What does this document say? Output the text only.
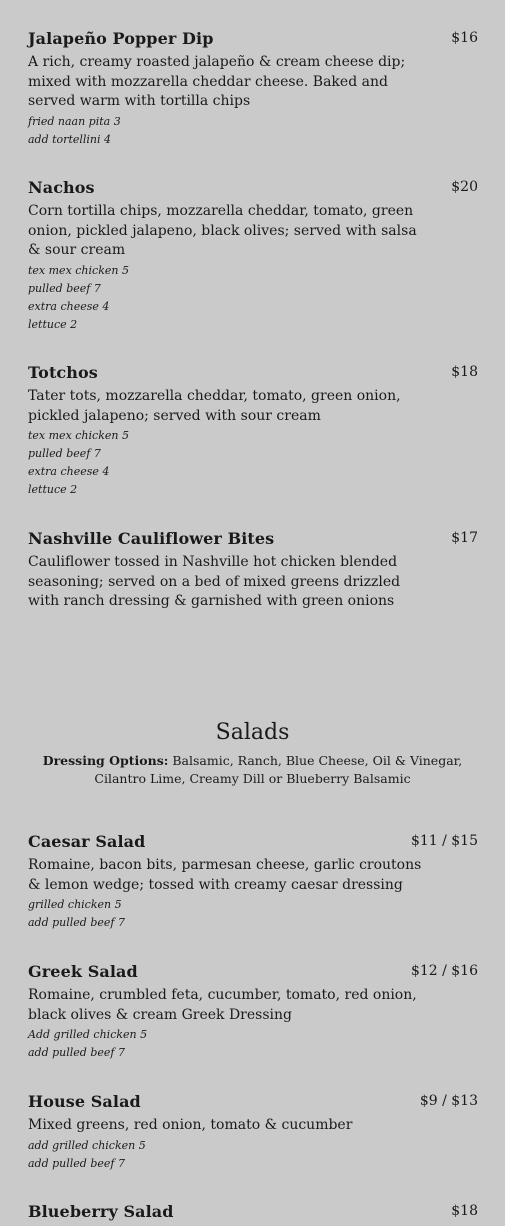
Jalapeño Popper Dip	$16
A rich, creamy roasted jalapeño & cream cheese dip; mixed with mozzarella cheddar cheese. Baked and served warm with tortilla chips
fried naan pita 3
add tortellini 4
Nachos	$20
Corn tortilla chips, mozzarella cheddar, tomato, green onion, pickled jalapeno, black olives; served with salsa & sour cream
tex mex chicken 5
pulled beef 7
extra cheese 4
lettuce 2
Totchos	$18
Tater tots, mozzarella cheddar, tomato, green onion, pickled jalapeno; served with sour cream
tex mex chicken 5
pulled beef 7
extra cheese 4
lettuce 2
Nashville Cauliflower Bites	$17
Cauliflower tossed in Nashville hot chicken blended seasoning; served on a bed of mixed greens drizzled with ranch dressing & garnished with green onions
Salads
Dressing Options: Balsamic, Ranch, Blue Cheese, Oil & Vinegar, Cilantro Lime, Creamy Dill or Blueberry Balsamic
Caesar Salad	$11 / $15
Romaine, bacon bits, parmesan cheese, garlic croutons & lemon wedge; tossed with creamy caesar dressing
grilled chicken 5
add pulled beef 7
Greek Salad	$12 / $16
Romaine, crumbled feta, cucumber, tomato, red onion, black olives & cream Greek Dressing
Add grilled chicken 5
add pulled beef 7
House Salad	$9 / $13
Mixed greens, red onion, tomato & cucumber
add grilled chicken 5
add pulled beef 7
Blueberry Salad	$18
